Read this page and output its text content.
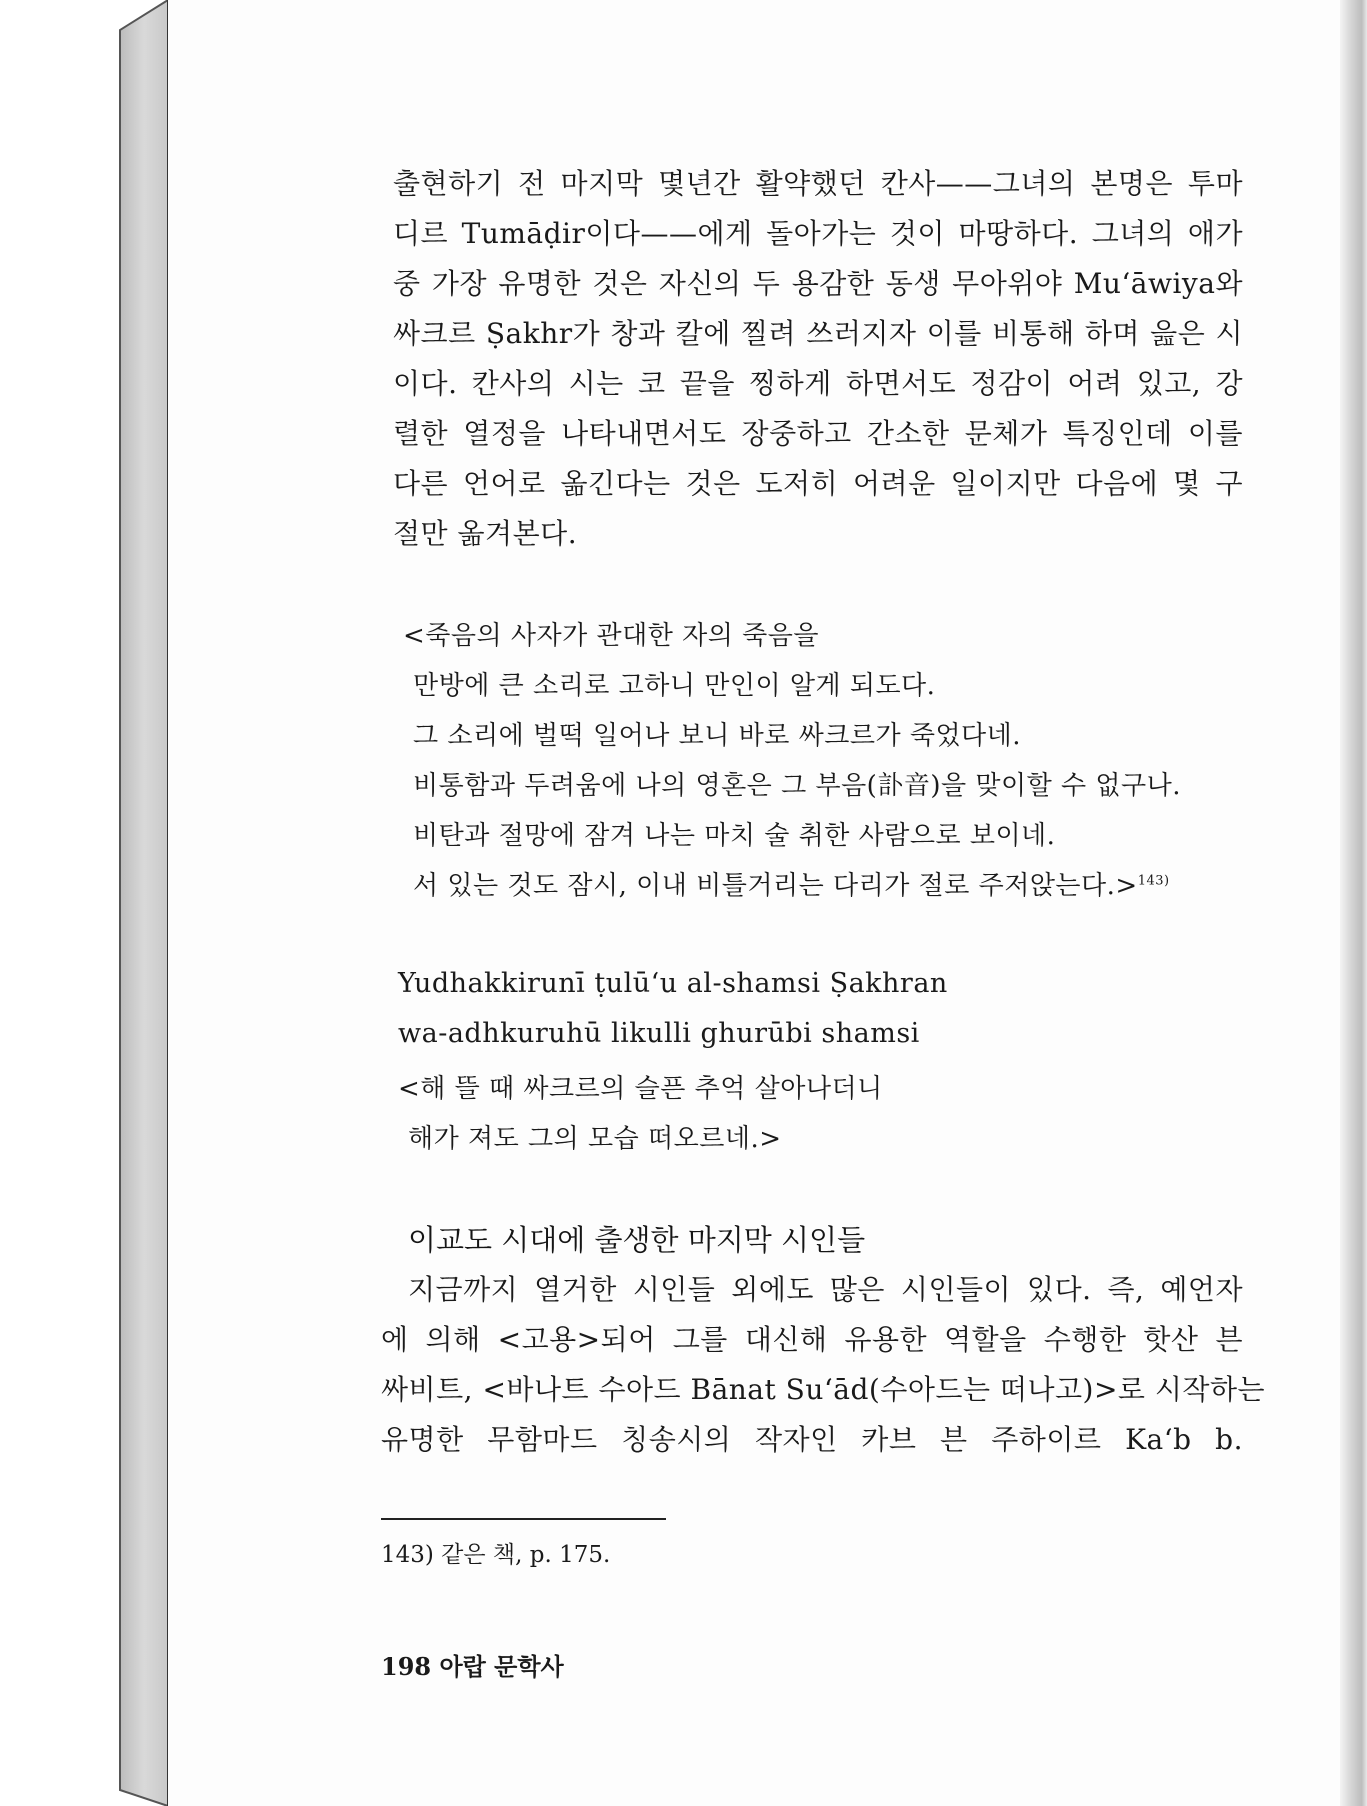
출현하기 전 마지막 몇년간 활약했던 칸사——그녀의 본명은 투마
디르 Tumāḍir이다——에게 돌아가는 것이 마땅하다. 그녀의 애가
중 가장 유명한 것은 자신의 두 용감한 동생 무아위야 Mu‘āwiya와
싸크르 Ṣakhr가 창과 칼에 찔려 쓰러지자 이를 비통해 하며 읊은 시
이다. 칸사의 시는 코 끝을 찡하게 하면서도 정감이 어려 있고, 강
렬한 열정을 나타내면서도 장중하고 간소한 문체가 특징인데 이를
다른 언어로 옮긴다는 것은 도저히 어려운 일이지만 다음에 몇 구
절만 옮겨본다.
<죽음의 사자가 관대한 자의 죽음을
만방에 큰 소리로 고하니 만인이 알게 되도다.
그 소리에 벌떡 일어나 보니 바로 싸크르가 죽었다네.
비통함과 두려움에 나의 영혼은 그 부음(訃音)을 맞이할 수 없구나.
비탄과 절망에 잠겨 나는 마치 술 취한 사람으로 보이네.
서 있는 것도 잠시, 이내 비틀거리는 다리가 절로 주저앉는다.>$^{143)}$
Yudhakkirunī ṭulū‘u al-shamsi Ṣakhran
wa-adhkuruhū likulli ghurūbi shamsi
<해 뜰 때 싸크르의 슬픈 추억 살아나더니
해가 져도 그의 모습 떠오르네.>
이교도 시대에 출생한 마지막 시인들
지금까지 열거한 시인들 외에도 많은 시인들이 있다. 즉, 예언자
에 의해 <고용>되어 그를 대신해 유용한 역할을 수행한 핫산 븐
싸비트, <바나트 수아드 Bānat Su‘ād(수아드는 떠나고)>로 시작하는
유명한 무함마드 칭송시의 작자인 카브 븐 주하이르 Ka‘b b.
143) 같은 책, p. 175.
198 아랍 문학사
